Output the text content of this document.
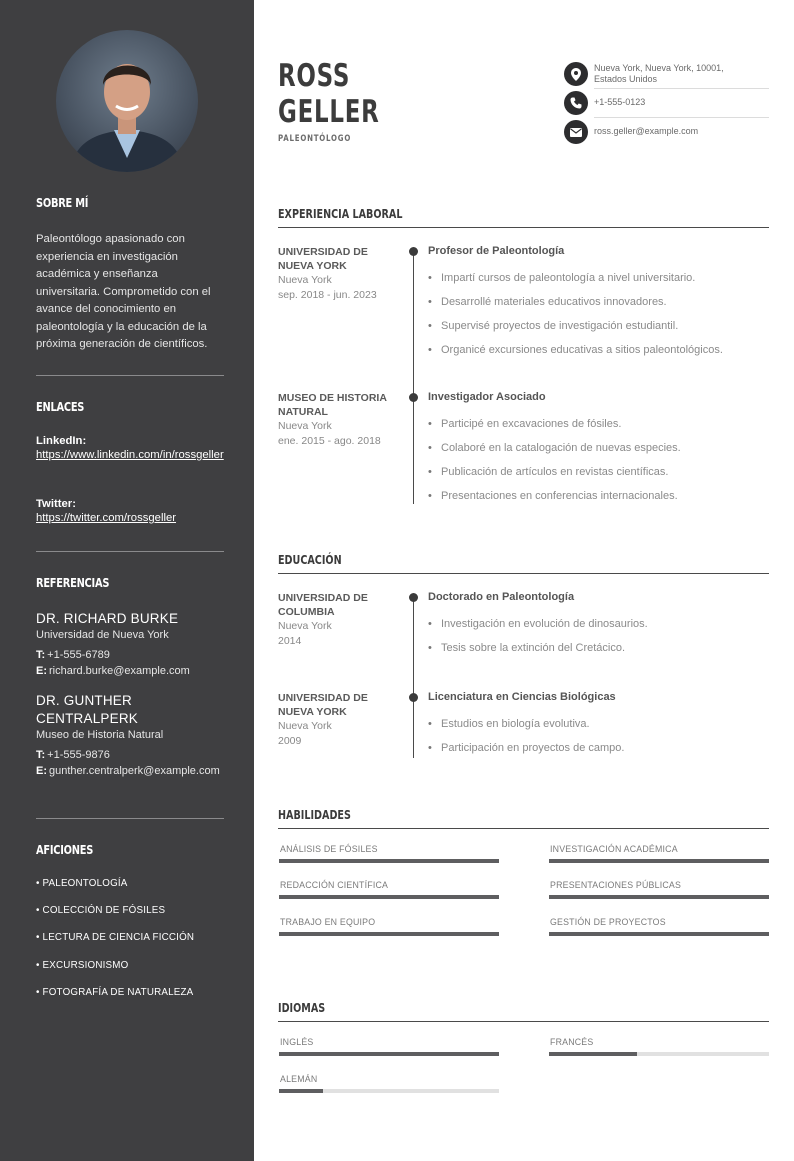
SOBRE MÍ
Paleontólogo apasionado con experiencia en investigación académica y enseñanza universitaria. Comprometido con el avance del conocimiento en paleontología y la educación de la próxima generación de científicos.
ENLACES
LinkedIn:
https://www.linkedin.com/in/rossgeller
Twitter:
https://twitter.com/rossgeller
REFERENCIAS
DR. RICHARD BURKE
Universidad de Nueva York
T: +1-555-6789
E: richard.burke@example.com
DR. GUNTHER CENTRALPERK
Museo de Historia Natural
T: +1-555-9876
E: gunther.centralperk@example.com
AFICIONES
• PALEONTOLOGÍA
• COLECCIÓN DE FÓSILES
• LECTURA DE CIENCIA FICCIÓN
• EXCURSIONISMO
• FOTOGRAFÍA DE NATURALEZA
ROSS
GELLER
PALEONTÓLOGO
Nueva York, Nueva York, 10001,
Estados Unidos
+1-555-0123
ross.geller@example.com
EXPERIENCIA LABORAL
UNIVERSIDAD DE NUEVA YORK
Nueva York
sep. 2018 - jun. 2023
Profesor de Paleontología
• Impartí cursos de paleontología a nivel universitario.
• Desarrollé materiales educativos innovadores.
• Supervisé proyectos de investigación estudiantil.
• Organicé excursiones educativas a sitios paleontológicos.
MUSEO DE HISTORIA NATURAL
Nueva York
ene. 2015 - ago. 2018
Investigador Asociado
• Participé en excavaciones de fósiles.
• Colaboré en la catalogación de nuevas especies.
• Publicación de artículos en revistas científicas.
• Presentaciones en conferencias internacionales.
EDUCACIÓN
UNIVERSIDAD DE COLUMBIA
Nueva York
2014
Doctorado en Paleontología
• Investigación en evolución de dinosaurios.
• Tesis sobre la extinción del Cretácico.
UNIVERSIDAD DE NUEVA YORK
Nueva York
2009
Licenciatura en Ciencias Biológicas
• Estudios en biología evolutiva.
• Participación en proyectos de campo.
HABILIDADES
ANÁLISIS DE FÓSILES	INVESTIGACIÓN ACADÉMICA
REDACCIÓN CIENTÍFICA	PRESENTACIONES PÚBLICAS
TRABAJO EN EQUIPO	GESTIÓN DE PROYECTOS
IDIOMAS
INGLÉS	FRANCÉS
ALEMÁN
